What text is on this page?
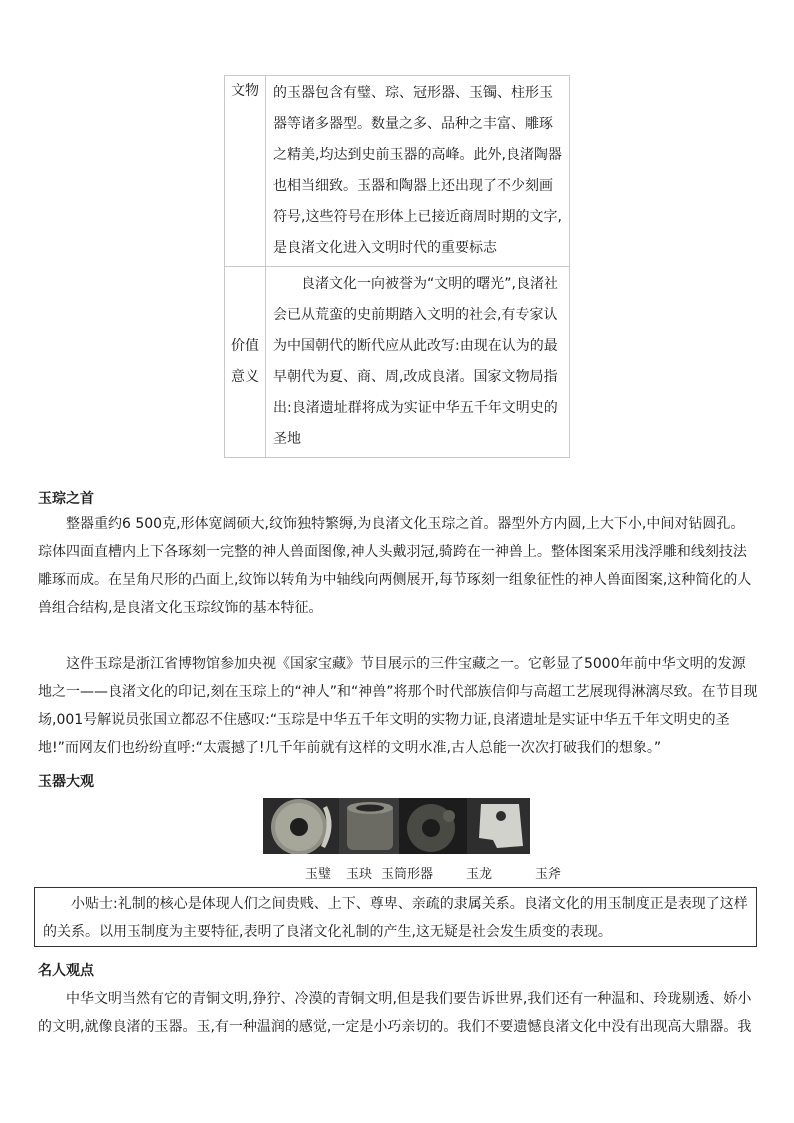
文物	的玉器包含有璧、琮、冠形器、玉镯、柱形玉器等诸多器型。数量之多、品种之丰富、雕琢之精美,均达到史前玉器的高峰。此外,良渚陶器也相当细致。玉器和陶器上还出现了不少刻画符号,这些符号在形体上已接近商周时期的文字,是良渚文化进入文明时代的重要标志
价值意义	良渚文化一向被誉为“文明的曙光”,良渚社会已从荒蛮的史前期踏入文明的社会,有专家认为中国朝代的断代应从此改写:由现在认为的最早朝代为夏、商、周,改成良渚。国家文物局指出:良渚遗址群将成为实证中华五千年文明史的圣地
玉琮之首

整器重约6 500克,形体宽阔硕大,纹饰独特繁缛,为良渚文化玉琮之首。器型外方内圆,上大下小,中间对钻圆孔。琮体四面直槽内上下各琢刻一完整的神人兽面图像,神人头戴羽冠,骑跨在一神兽上。整体图案采用浅浮雕和线刻技法雕琢而成。在呈角尺形的凸面上,纹饰以转角为中轴线向两侧展开,每节琢刻一组象征性的神人兽面图案,这种简化的人兽组合结构,是良渚文化玉琮纹饰的基本特征。

这件玉琮是浙江省博物馆参加央视《国家宝藏》节目展示的三件宝藏之一。它彰显了5000年前中华文明的发源地之一——良渚文化的印记,刻在玉琮上的“神人”和“神兽”将那个时代部族信仰与高超工艺展现得淋漓尽致。在节目现场,001号解说员张国立都忍不住感叹:“玉琮是中华五千年文明的实物力证,良渚遗址是实证中华五千年文明史的圣地!”而网友们也纷纷直呼:“太震撼了!几千年前就有这样的文明水准,古人总能一次次打破我们的想象。”

玉器大观
玉璧 玉玦 玉筒形器	玉龙	玉斧

小贴士:礼制的核心是体现人们之间贵贱、上下、尊卑、亲疏的隶属关系。良渚文化的用玉制度正是表现了这样的关系。以用玉制度为主要特征,表明了良渚文化礼制的产生,这无疑是社会发生质变的表现。

名人观点

中华文明当然有它的青铜文明,狰狞、冷漠的青铜文明,但是我们要告诉世界,我们还有一种温和、玲珑剔透、娇小的文明,就像良渚的玉器。玉,有一种温润的感觉,一定是小巧亲切的。我们不要遗憾良渚文化中没有出现高大鼎器。我
